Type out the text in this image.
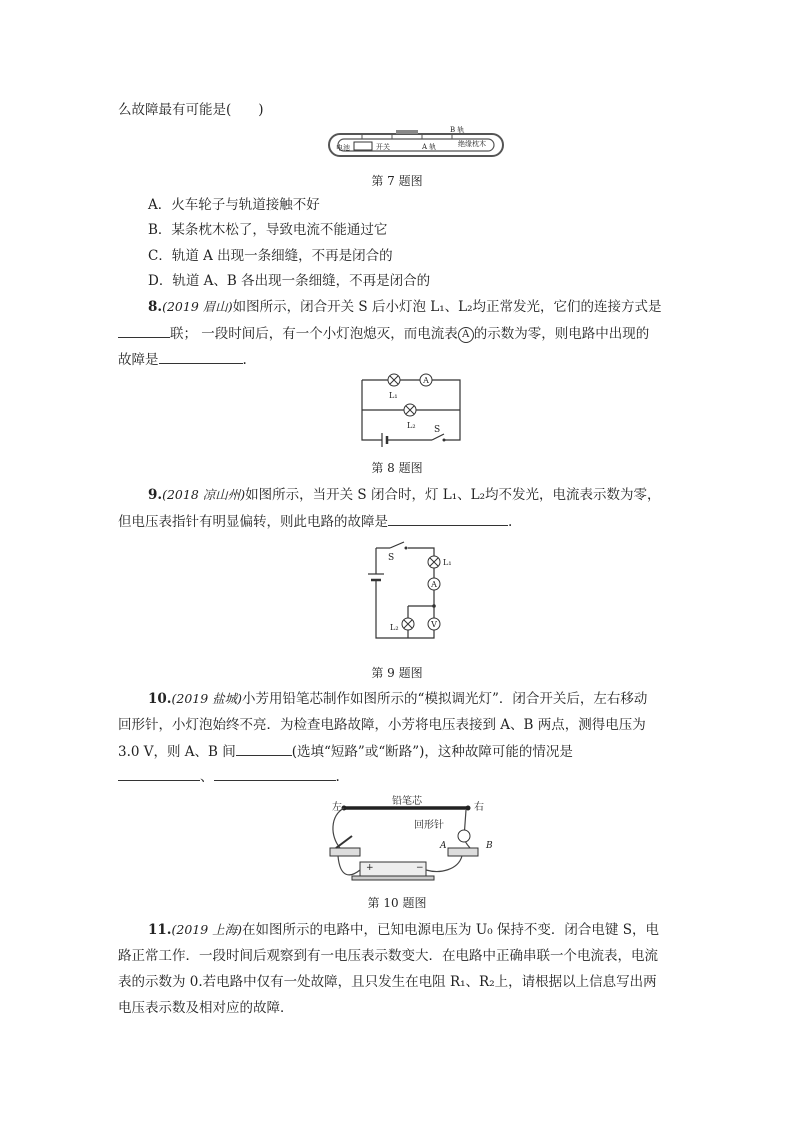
么故障最有可能是(　　)
电池	开关	A 轨
B 轨
绝缘枕木
第 7 题图
A．火车轮子与轨道接触不好
B．某条枕木松了，导致电流不能通过它
C．轨道 A 出现一条细缝，不再是闭合的
D．轨道 A、B 各出现一条细缝，不再是闭合的
8.(2019 眉山)如图所示，闭合开关 S 后小灯泡 L₁、L₂均正常发光，它们的连接方式是
联； 一段时间后，有一个小灯泡熄灭，而电流表 A 的示数为零，则电路中出现的
故障是	.
A
L₁
L₂ S
第 8 题图
9.(2018 凉山州)如图所示，当开关 S 闭合时，灯 L₁、L₂均不发光，电流表示数为零，
但电压表指针有明显偏转，则此电路的故障是	.
A
V
S	L₁
L₂
第 9 题图
10.(2019 盐城)小芳用铅笔芯制作如图所示的“模拟调光灯”．闭合开关后，左右移动
回形针，小灯泡始终不亮．为检查电路故障，小芳将电压表接到 A、B 两点，测得电压为
3.0 V，则 A、B 间	(选填“短路”或“断路”)，这种故障可能的情况是
、	.
左	右
铅笔芯
回形针
A	B
+	−
第 10 题图
11.(2019 上海)在如图所示的电路中，已知电源电压为 U₀ 保持不变．闭合电键 S，电
路正常工作．一段时间后观察到有一电压表示数变大．在电路中正确串联一个电流表，电流
表的示数为 0.若电路中仅有一处故障，且只发生在电阻 R₁、R₂上，请根据以上信息写出两
电压表示数及相对应的故障．
